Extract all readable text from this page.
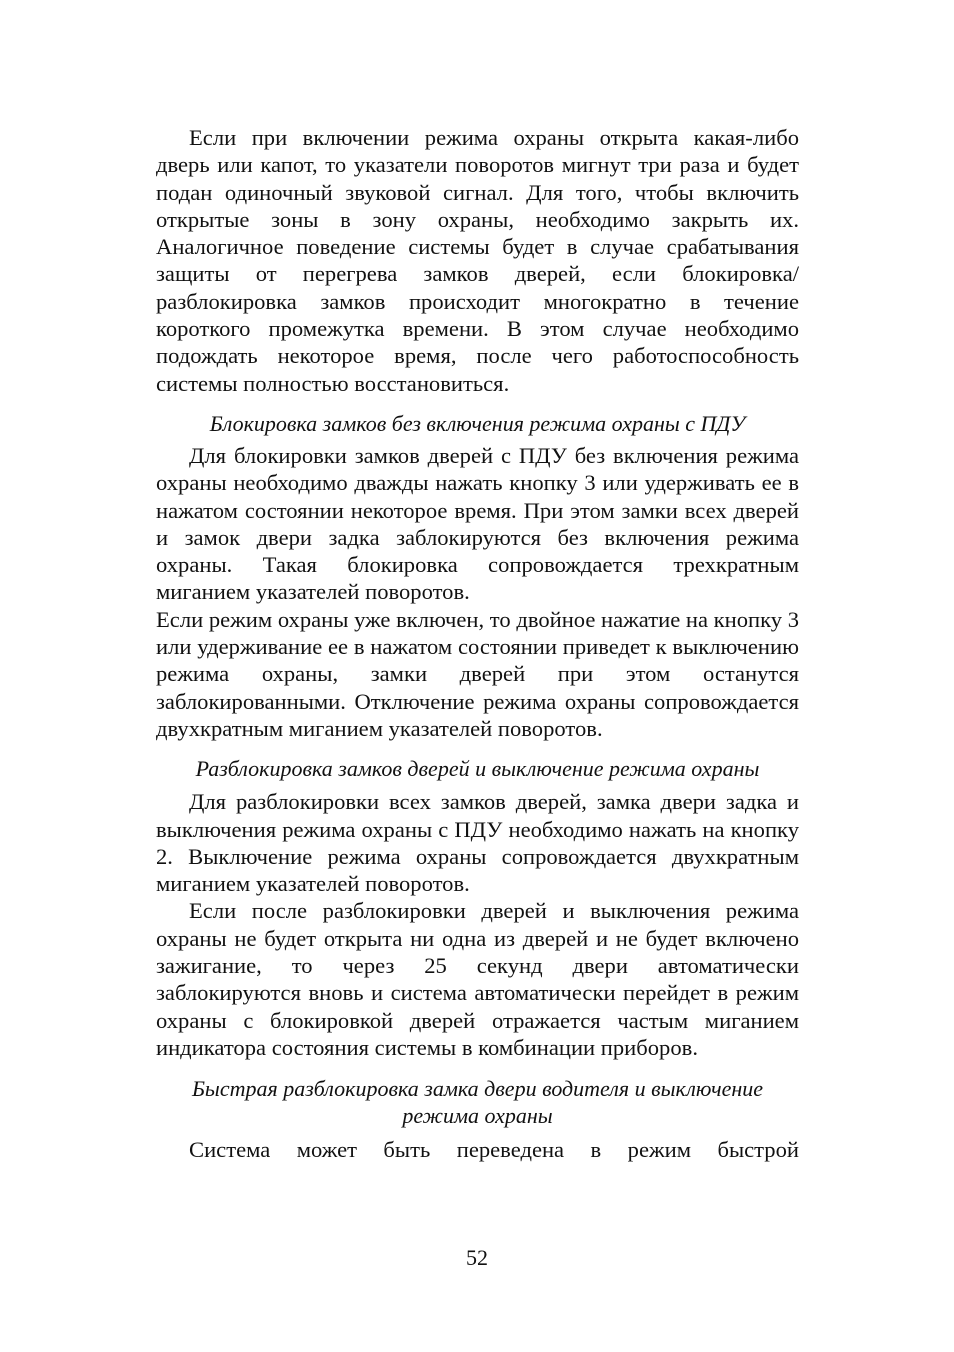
Если при включении режима охраны открыта какая-либо дверь или капот, то указатели поворотов мигнут три раза и будет подан одиночный звуковой сигнал. Для того, чтобы включить открытые зоны в зону охраны, необходимо закрыть их. Аналогичное поведение системы будет в случае срабатывания защиты от перегрева замков дверей, если блокировка/ разблокировка замков происходит многократно в течение короткого промежутка времени. В этом случае необходимо подождать некоторое время, после чего работоспособность системы полностью восстановиться.

Блокировка замков без включения режима охраны с ПДУ

Для блокировки замков дверей с ПДУ без включения режима охраны необходимо дважды нажать кнопку 3 или удерживать ее в нажатом состоянии некоторое время. При этом замки всех дверей и замок двери задка заблокируются без включения режима охраны. Такая блокировка сопровождается трехкратным миганием указателей поворотов.

Если режим охраны уже включен, то двойное нажатие на кнопку 3 или удерживание ее в нажатом состоянии приведет к выключению режима охраны, замки дверей при этом останутся заблокированными. Отключение режима охраны сопровождается двухкратным миганием указателей поворотов.

Разблокировка замков дверей и выключение режима охраны

Для разблокировки всех замков дверей, замка двери задка и выключения режима охраны с ПДУ необходимо нажать на кнопку 2. Выключение режима охраны сопровождается двухкратным миганием указателей поворотов.

Если после разблокировки дверей и выключения режима охраны не будет открыта ни одна из дверей и не будет включено зажигание, то через 25 секунд двери автоматически заблокируются вновь и система автоматически перейдет в режим охраны с блокировкой дверей отражается частым миганием индикатора состояния системы в комбинации приборов.

Быстрая разблокировка замка двери водителя и выключение
режима охраны

Система может быть переведена в режим быстрой

52
